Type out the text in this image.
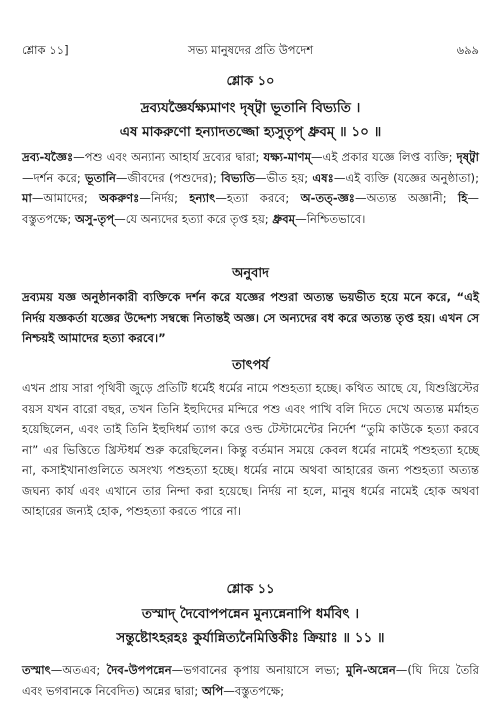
শ্লোক ১১]	সভ্য মানুষদের প্রতি উপদেশ	৬৯৯
শ্লোক ১০
দ্রব্যযজ্ঞৈর্যক্ষ্যমাণং দৃষ্ট্বা ভূতানি বিভ্যতি ।
এষ মাকরুণো হন্যাদতজ্জো হ্যসুতৃপ্ ধ্রুবম্ ॥ ১০ ॥
দ্রব্য-যজ্ঞৈঃ—পশু এবং অন্যান্য আহার্য দ্রব্যের দ্বারা; যক্ষ্য-মাণম্—এই প্রকার যজ্ঞে লিপ্ত ব্যক্তি; দৃষ্ট্বা—দর্শন করে; ভূতানি—জীবদের (পশুদের); বিভ্যতি—ভীত হয়; এষঃ—এই ব্যক্তি (যজ্ঞের অনুষ্ঠাতা); মা—আমাদের; অকরুণঃ—নির্দয়; হন্যাৎ—হত্যা করবে; অ-তত্-জ্ঞঃ—অত্যন্ত অজ্ঞানী; হি—বস্তুতপক্ষে; অসু-তৃপ্—যে অন্যদের হত্যা করে তৃপ্ত হয়; ধ্রুবম্—নিশ্চিতভাবে।
অনুবাদ
দ্রব্যময় যজ্ঞ অনুষ্ঠানকারী ব্যক্তিকে দর্শন করে যজ্ঞের পশুরা অত্যন্ত ভয়ভীত হয়ে মনে করে, “এই নির্দয় যজ্ঞকর্তা যজ্ঞের উদ্দেশ্য সম্বন্ধে নিতান্তই অজ্ঞ। সে অন্যদের বধ করে অত্যন্ত তৃপ্ত হয়। এখন সে নিশ্চয়ই আমাদের হত্যা করবে।”
তাৎপর্য
এখন প্রায় সারা পৃথিবী জুড়ে প্রতিটি ধর্মেই ধর্মের নামে পশুহত্যা হচ্ছে। কথিত আছে যে, যিশুখ্রিস্টের বয়স যখন বারো বছর, তখন তিনি ইহুদিদের মন্দিরে পশু এবং পাখি বলি দিতে দেখে অত্যন্ত মর্মাহত হয়েছিলেন, এবং তাই তিনি ইহুদিধর্ম ত্যাগ করে ওল্ড টেস্টামেন্টের নির্দেশ “তুমি কাউকে হত্যা করবে না” এর ভিত্তিতে খ্রিস্টধর্ম শুরু করেছিলেন। কিন্তু বর্তমান সময়ে কেবল ধর্মের নামেই পশুহত্যা হচ্ছে না, কসাইখানাগুলিতে অসংখ্য পশুহত্যা হচ্ছে। ধর্মের নামে অথবা আহারের জন্য পশুহত্যা অত্যন্ত জঘন্য কার্য এবং এখানে তার নিন্দা করা হয়েছে। নির্দয় না হলে, মানুষ ধর্মের নামেই হোক অথবা আহারের জন্যই হোক, পশুহত্যা করতে পারে না।
শ্লোক ১১
তস্মাদ্ দৈবোপপন্নেন মুন্যন্নেনাপি ধর্মবিৎ ।
সন্তুষ্টোঽহরহঃ কুর্যান্নিত্যনৈমিত্তিকীঃ ক্রিয়াঃ ॥ ১১ ॥
তস্মাৎ—অতএব; দৈব-উপপন্নেন—ভগবানের কৃপায় অনায়াসে লভ্য; মুনি-অন্নেন—(ঘি দিয়ে তৈরি এবং ভগবানকে নিবেদিত) অন্নের দ্বারা; অপি—বস্তুতপক্ষে;
